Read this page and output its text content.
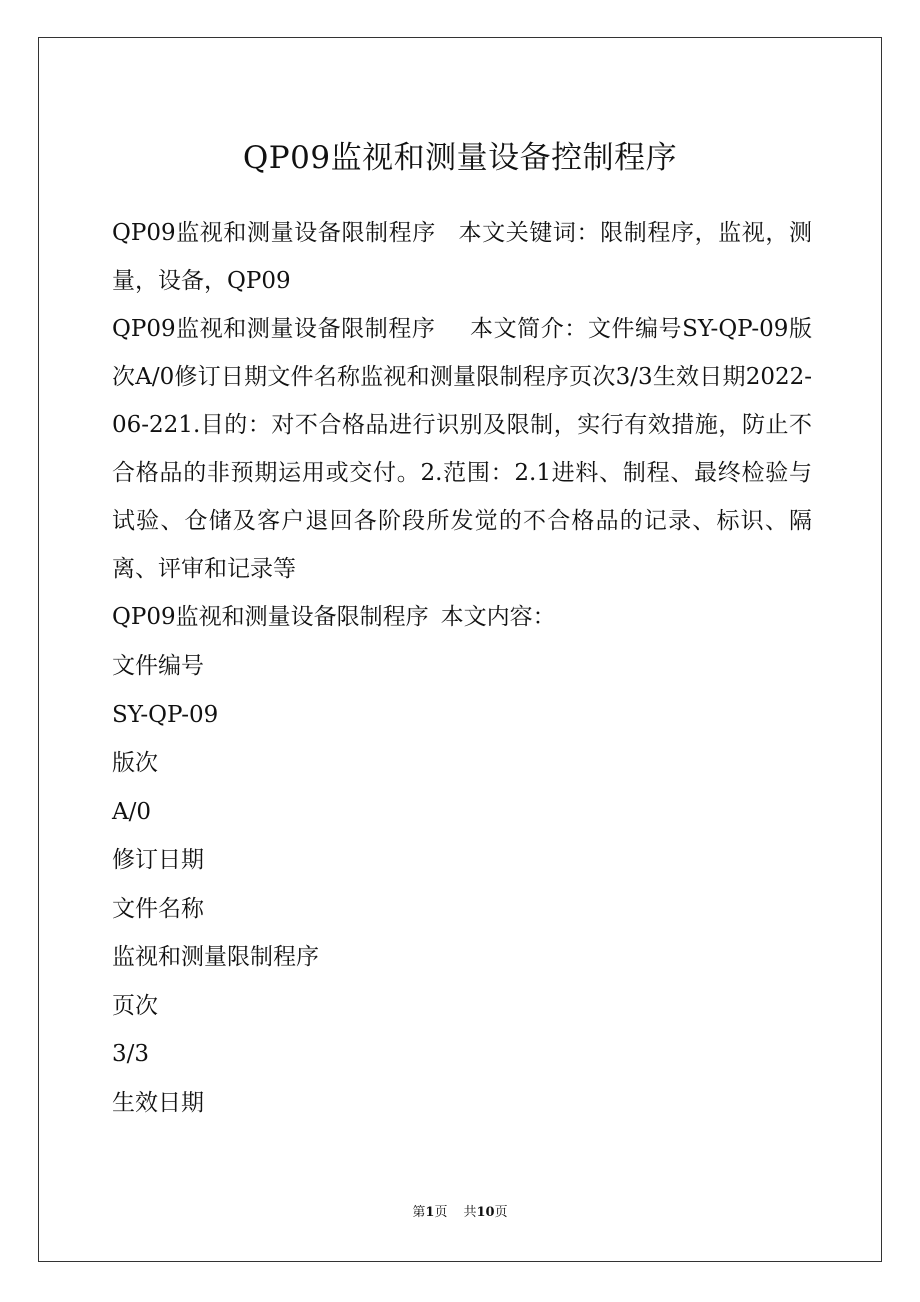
QP09监视和测量设备控制程序

QP09监视和测量设备限制程序 本文关键词：限制程序，监视，测量，设备，QP09

QP09监视和测量设备限制程序 本文简介：文件编号SY-QP-09版次A/0修订日期文件名称监视和测量限制程序页次3/3生效日期2022-06-221.目的：对不合格品进行识别及限制，实行有效措施，防止不合格品的非预期运用或交付。2.范围：2.1进料、制程、最终检验与试验、仓储及客户退回各阶段所发觉的不合格品的记录、标识、隔离、评审和记录等

QP09监视和测量设备限制程序 本文内容：

文件编号
SY-QP-09
版次
A/0
修订日期
文件名称
监视和测量限制程序
页次
3/3
生效日期
第1页 共10页
